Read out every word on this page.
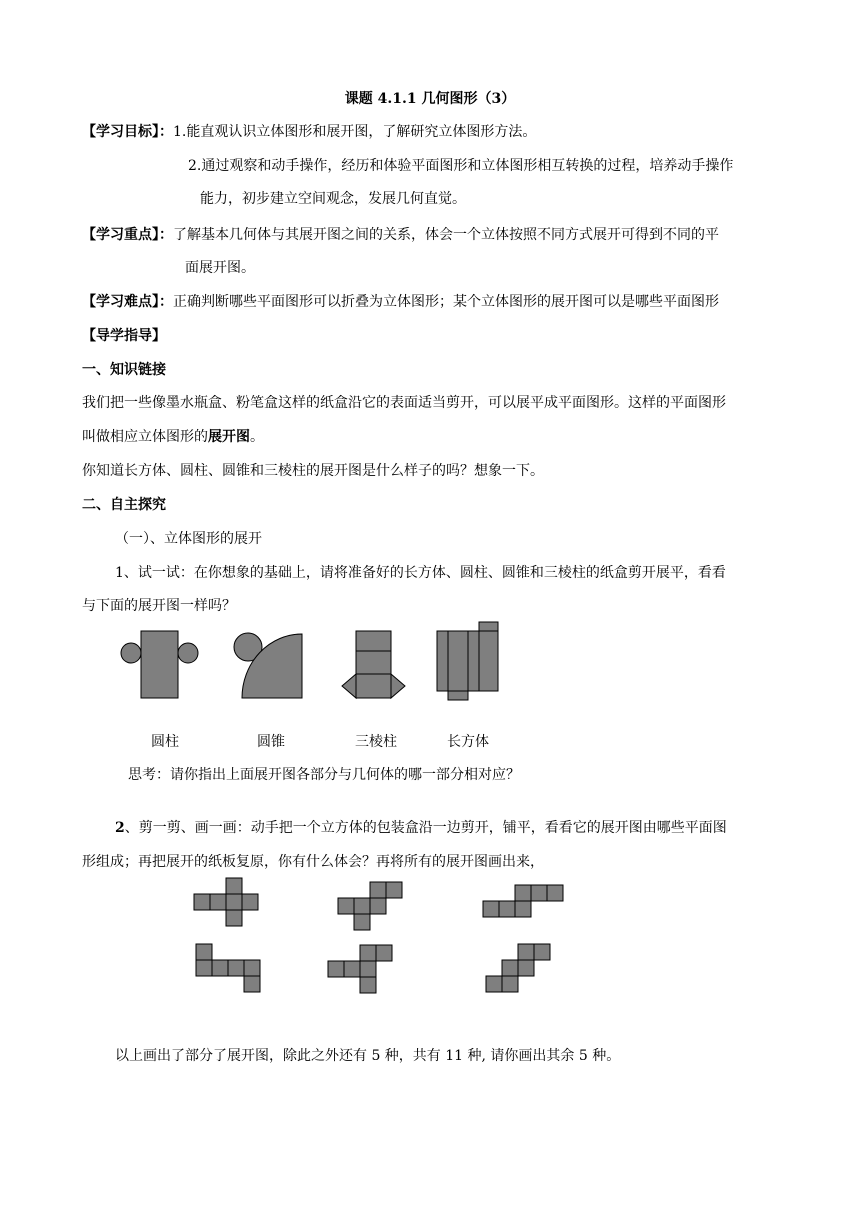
课题 4.1.1 几何图形（3）
【学习目标】：1.能直观认识立体图形和展开图，了解研究立体图形方法。
2.通过观察和动手操作，经历和体验平面图形和立体图形相互转换的过程，培养动手操作
能力，初步建立空间观念，发展几何直觉。
【学习重点】：了解基本几何体与其展开图之间的关系，体会一个立体按照不同方式展开可得到不同的平
面展开图。
【学习难点】：正确判断哪些平面图形可以折叠为立体图形；某个立体图形的展开图可以是哪些平面图形
【导学指导】
一、知识链接
我们把一些像墨水瓶盒、粉笔盒这样的纸盒沿它的表面适当剪开，可以展平成平面图形。这样的平面图形
叫做相应立体图形的展开图。
你知道长方体、圆柱、圆锥和三棱柱的展开图是什么样子的吗？想象一下。
二、自主探究
（一）、立体图形的展开
1、试一试：在你想象的基础上，请将准备好的长方体、圆柱、圆锥和三棱柱的纸盒剪开展平，看看
与下面的展开图一样吗？
圆柱	圆锥	三棱柱	长方体
思考：请你指出上面展开图各部分与几何体的哪一部分相对应？
2、剪一剪、画一画：动手把一个立方体的包装盒沿一边剪开，铺平，看看它的展开图由哪些平面图
形组成；再把展开的纸板复原，你有什么体会？再将所有的展开图画出来，
以上画出了部分了展开图，除此之外还有 5 种，共有 11 种, 请你画出其余 5 种。
